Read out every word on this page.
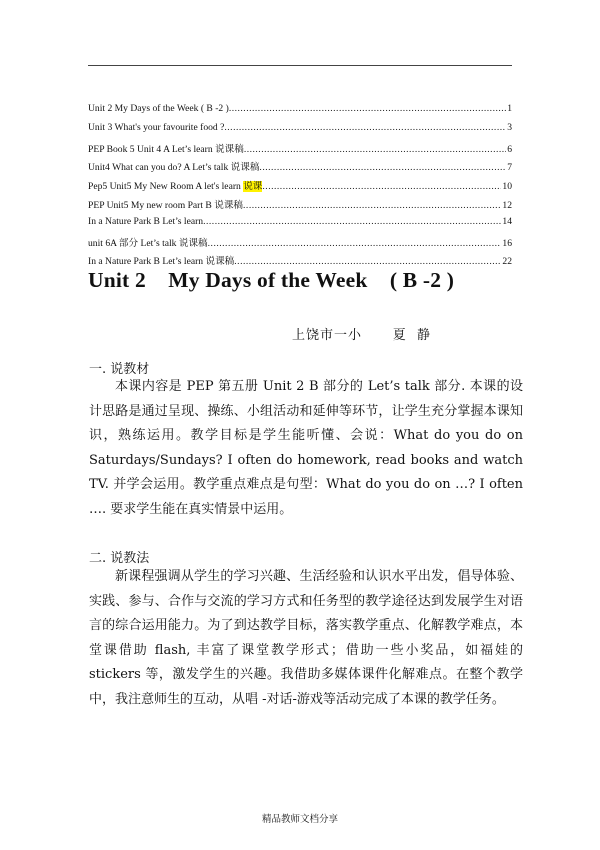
Unit 2 My Days of the Week ( B -2 ) .....	1
Unit 3 What's your favourite food ? .....	3
PEP Book 5 Unit 4 A Let’s learn 说课稿 .....	6
Unit4 What can you do? A Let’s talk 说课稿 .....	7
Pep5 Unit5 My New Room A let's learn 说课 .....	10
PEP Unit5 My new room Part B 说课稿 .....	12
In a Nature Park B Let’s learn .....	14
unit 6A 部分 Let’s talk 说课稿 .....	16
In a Nature Park B Let’s learn 说课稿 .....	22
Unit 2    My Days of the Week    ( B -2 )

上饶市一小      夏  静

一. 说教材

本课内容是 PEP 第五册 Unit 2 B 部分的 Let’s talk 部分. 本课的设计思路是通过呈现、操练、小组活动和延伸等环节，让学生充分掌握本课知识，熟练运用。教学目标是学生能听懂、会说：What do you do on Saturdays/Sundays? I often do homework, read books and watch TV. 并学会运用。教学重点难点是句型：What do you do on …? I often …. 要求学生能在真实情景中运用。

二. 说教法

新课程强调从学生的学习兴趣、生活经验和认识水平出发，倡导体验、实践、参与、合作与交流的学习方式和任务型的教学途径达到发展学生对语言的综合运用能力。为了到达教学目标，落实教学重点、化解教学难点，本堂课借助 flash, 丰富了课堂教学形式；借助一些小奖品，如福娃的 stickers 等，激发学生的兴趣。我借助多媒体课件化解难点。在整个教学中，我注意师生的互动，从唱 -对话-游戏等活动完成了本课的教学任务。

精品教师文档分享
